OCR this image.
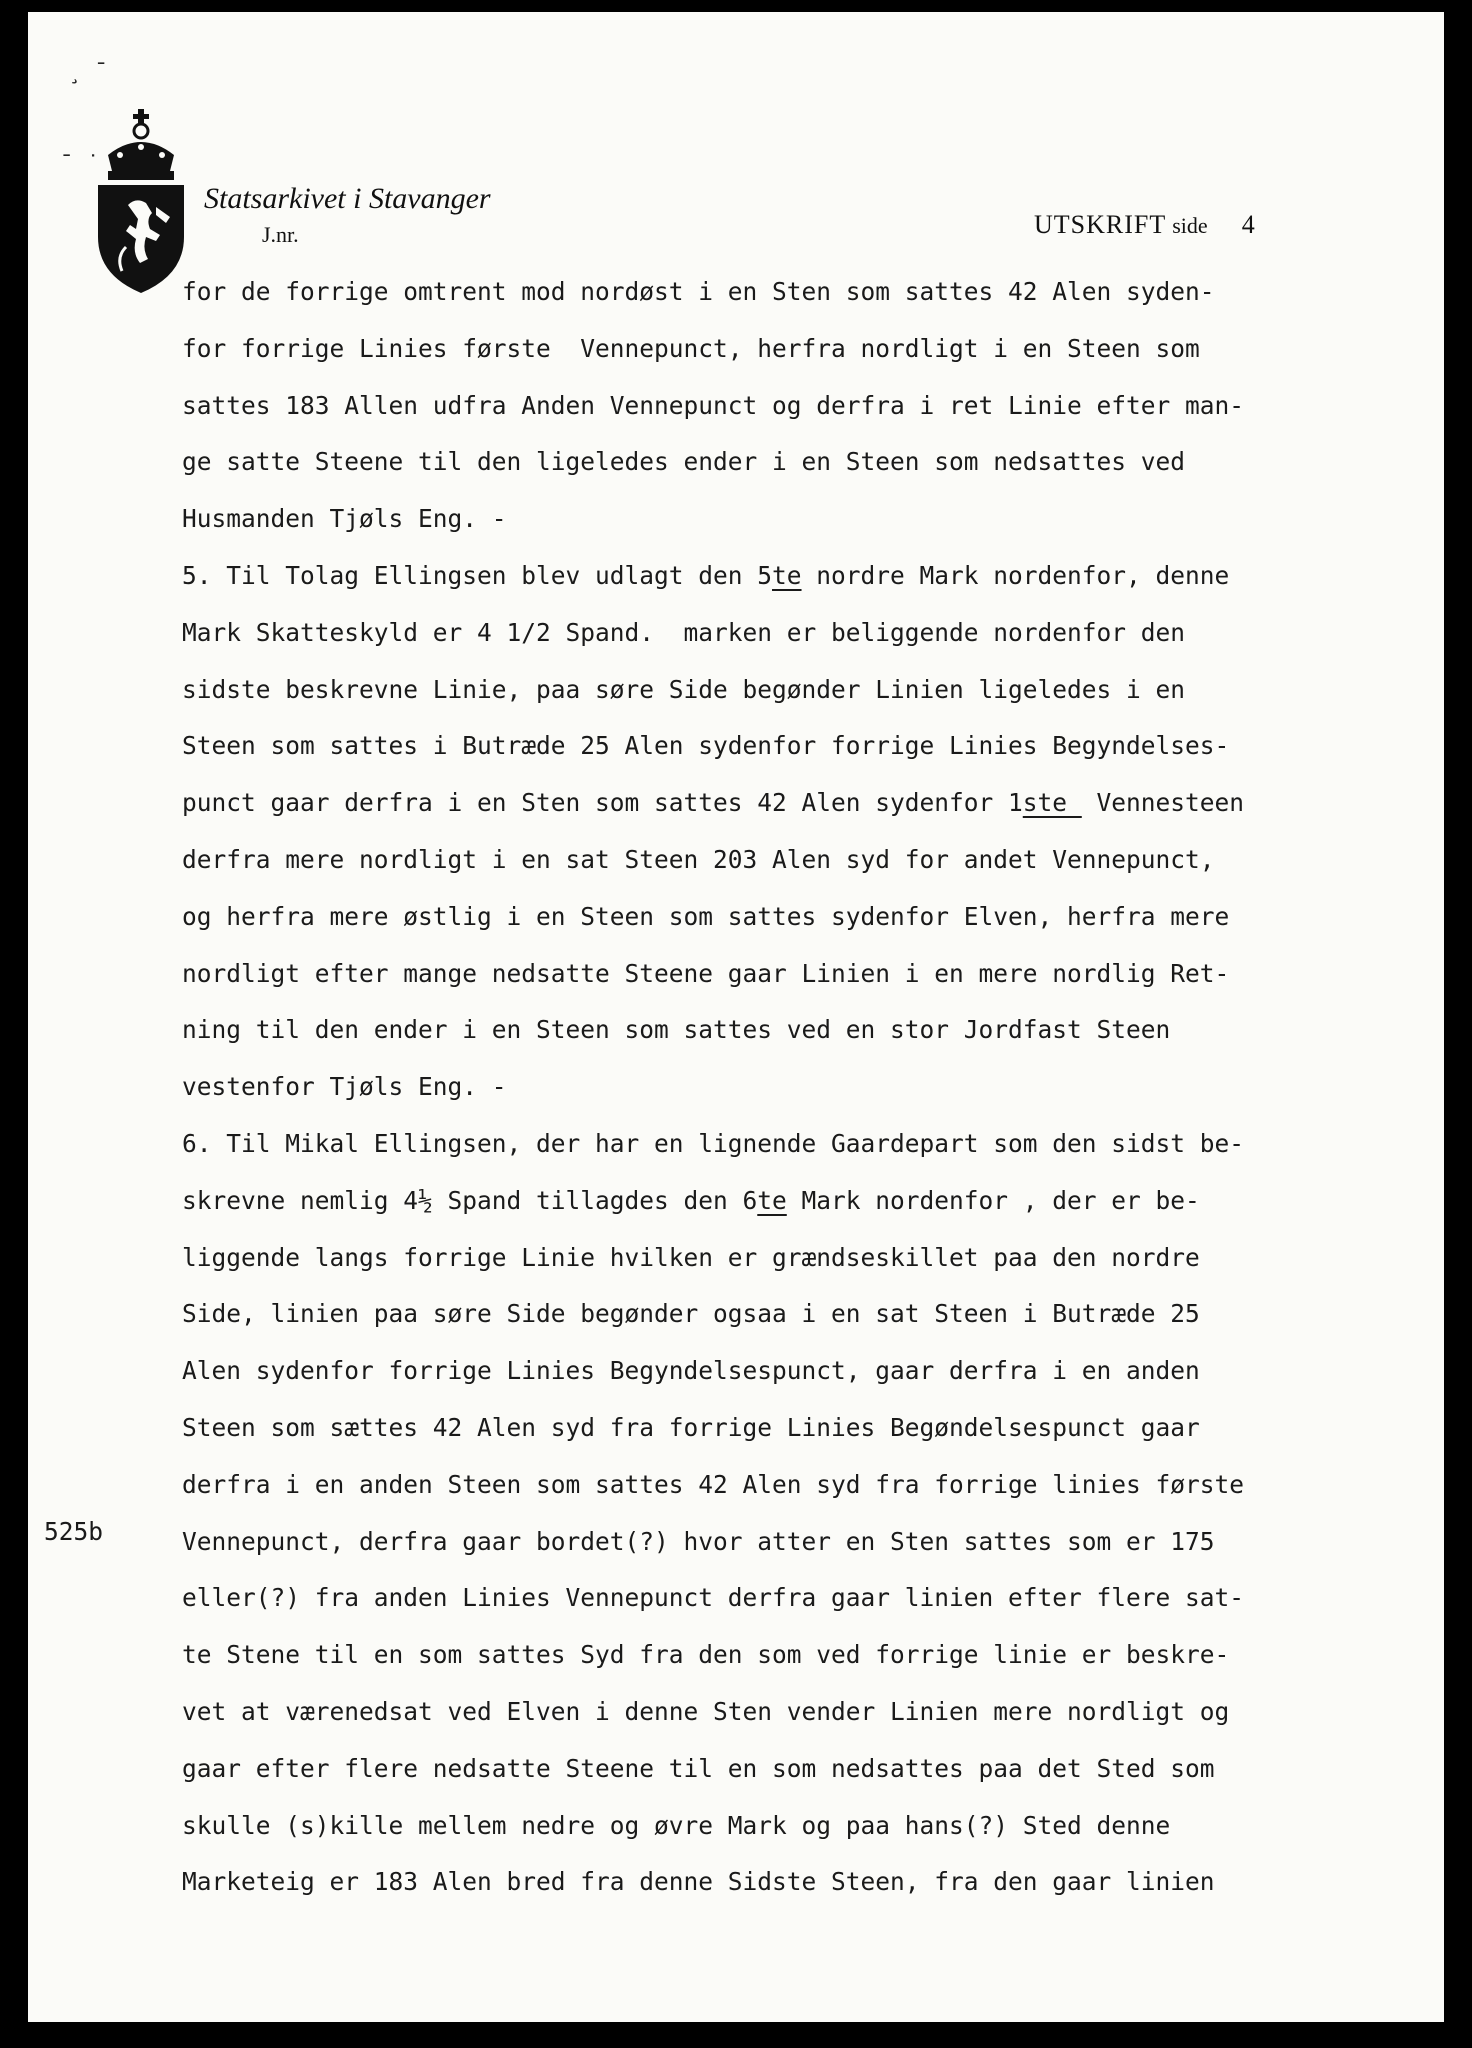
¸ ˉ
ˉ ˙
Statsarkivet i Stavanger
J.nr.	UTSKRIFT side 4
for de forrige omtrent mod nordøst i en Sten som sattes 42 Alen syden-
for forrige Linies første  Vennepunct, herfra nordligt i en Steen som
sattes 183 Allen udfra Anden Vennepunct og derfra i ret Linie efter man-
ge satte Steene til den ligeledes ender i en Steen som nedsattes ved
Husmanden Tjøls Eng. -
5. Til Tolag Ellingsen blev udlagt den 5te nordre Mark nordenfor, denne
Mark Skatteskyld er 4 1/2 Spand.  marken er beliggende nordenfor den
sidste beskrevne Linie, paa søre Side begønder Linien ligeledes i en
Steen som sattes i Butræde 25 Alen sydenfor forrige Linies Begyndelses-
punct gaar derfra i en Sten som sattes 42 Alen sydenfor 1ste  Vennesteen
derfra mere nordligt i en sat Steen 203 Alen syd for andet Vennepunct,
og herfra mere østlig i en Steen som sattes sydenfor Elven, herfra mere
nordligt efter mange nedsatte Steene gaar Linien i en mere nordlig Ret-
ning til den ender i en Steen som sattes ved en stor Jordfast Steen
vestenfor Tjøls Eng. -
6. Til Mikal Ellingsen, der har en lignende Gaardepart som den sidst be-
skrevne nemlig 4½ Spand tillagdes den 6te Mark nordenfor , der er be-
liggende langs forrige Linie hvilken er grændseskillet paa den nordre
Side, linien paa søre Side begønder ogsaa i en sat Steen i Butræde 25
Alen sydenfor forrige Linies Begyndelsespunct, gaar derfra i en anden
Steen som sættes 42 Alen syd fra forrige Linies Begøndelsespunct gaar
derfra i en anden Steen som sattes 42 Alen syd fra forrige linies første
Vennepunct, derfra gaar bordet(?) hvor atter en Sten sattes som er 175
eller(?) fra anden Linies Vennepunct derfra gaar linien efter flere sat-
te Stene til en som sattes Syd fra den som ved forrige linie er beskre-
vet at værenedsat ved Elven i denne Sten vender Linien mere nordligt og
gaar efter flere nedsatte Steene til en som nedsattes paa det Sted som
skulle (s)kille mellem nedre og øvre Mark og paa hans(?) Sted denne
Marketeig er 183 Alen bred fra denne Sidste Steen, fra den gaar linien
525b
